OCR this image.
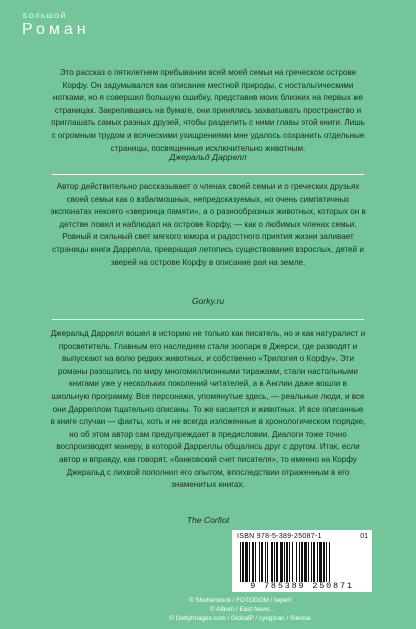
БОЛЬШОЙ
Роман

Это рассказ о пятилетнем пребывании всей моей семьи на греческом острове Корфу. Он задумывался как описание местной природы, с ностальгическими нотками, но я совершил большую ошибку, представив моих близких на первых же страницах. Закрепившись на бумаге, они принялись захватывать пространство и приглашать самых разных друзей, чтобы разделить с ними главы этой книги. Лишь с огромным трудом и всяческими ухищрениями мне удалось сохранить отдельные страницы, посвященные исключительно животным.

Джеральд Даррелл

Автор действительно рассказывает о членах своей семьи и о греческих друзьях своей семьи как о взбалмошных, непредсказуемых, но очень симпатичных экспонатах некоего «зверинца памяти», а о разнообразных животных, которых он в детстве ловил и наблюдал на острове Корфу, — как о любимых членах семьи. Ровный и сильный свет мягкого юмора и радостного приятия жизни заливает страницы книги Даррелла, превращая летопись существования взрослых, детей и зверей на острове Корфу в описание рая на земле.

Gorky.ru

Джеральд Даррелл вошел в историю не только как писатель, но и как натуралист и просветитель. Главным его наследием стали зоопарк в Джерси, где разводят и выпускают на волю редких животных, и собственно «Трилогия о Корфу». Эти романы разошлись по миру многомиллионными тиражами, стали настольными книгами уже у нескольких поколений читателей, а в Англии даже вошли в школьную программу. Все персонажи, упомянутые здесь, — реальные люди, и все они Дарреллом тщательно описаны. То же касается и животных. И все описанные в книге случаи — факты, хоть и не всегда изложенные в хронологическом порядке, но об этом автор сам предупреждает в предисловии. Диалоги тоже точно воспроизводят манеру, в которой Дарреллы общались друг с другом. Итак, если автор и вправду, как говорят, «банковский счет писателя», то именно на Корфу Джеральд с лихвой пополнил его опытом, впоследствии отраженным в его знаменитых книгах.

The Corfiot
ISBN 978-5-389-25087-1	01
9 785389 250871
© Shutterstock / FOTODOM / lwpert
© Album / East News
© GettyImages.com / GlobalP / cyoginan / Silense
